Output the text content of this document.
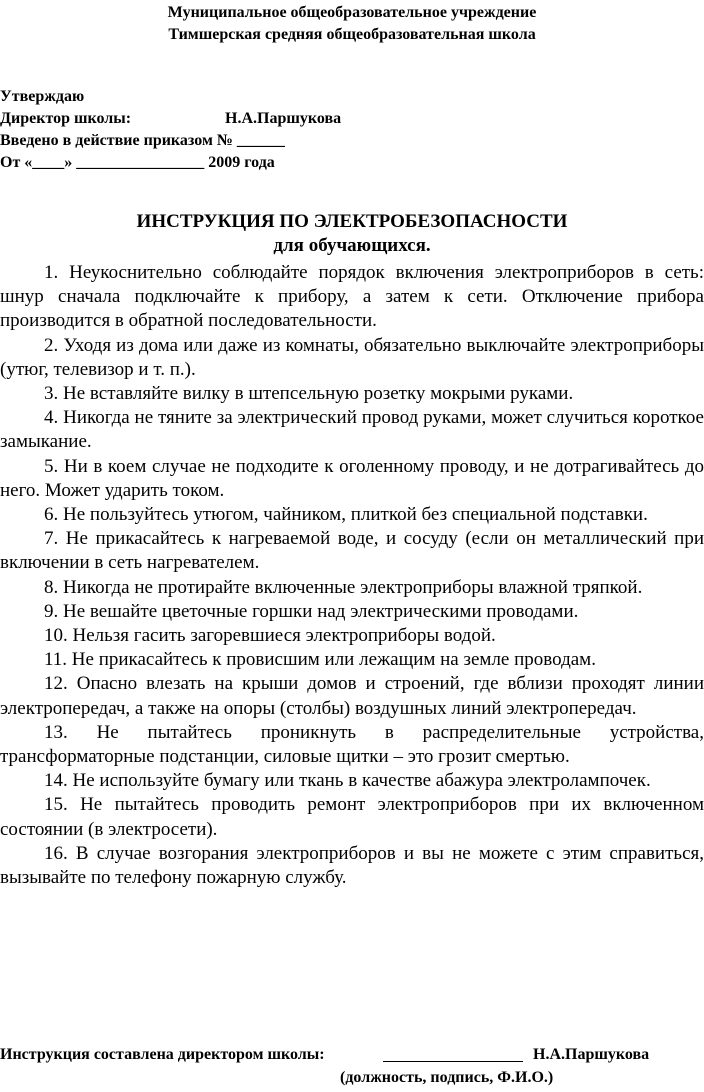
Муниципальное общеобразовательное учреждение
Тимшерская средняя общеобразовательная школа
Утверждаю
Директор школы:	Н.А.Паршукова
Введено в действие приказом № ______
От «____» ________________ 2009 года
ИНСТРУКЦИЯ ПО ЭЛЕКТРОБЕЗОПАСНОСТИ
для обучающихся.

1. Неукоснительно соблюдайте порядок включения электроприборов в сеть: шнур сначала подключайте к прибору, а затем к сети. Отключение прибора производится в обратной последовательности.

2. Уходя из дома или даже из комнаты, обязательно выключайте электроприборы (утюг, телевизор и т. п.).

3. Не вставляйте вилку в штепсельную розетку мокрыми руками.

4. Никогда не тяните за электрический провод руками, может случиться короткое замыкание.

5. Ни в коем случае не подходите к оголенному проводу, и не дотрагивайтесь до него. Может ударить током.

6. Не пользуйтесь утюгом, чайником, плиткой без специальной подставки.

7. Не прикасайтесь к нагреваемой воде, и сосуду (если он металлический при включении в сеть нагревателем.

8. Никогда не протирайте включенные электроприборы влажной тряпкой.

9. Не вешайте цветочные горшки над электрическими проводами.

10. Нельзя гасить загоревшиеся электроприборы водой.

11. Не прикасайтесь к провисшим или лежащим на земле проводам.

12. Опасно влезать на крыши домов и строений, где вблизи проходят линии электропередач, а также на опоры (столбы) воздушных линий электропередач.

13. Не пытайтесь проникнуть в распределительные устройства, трансформаторные подстанции, силовые щитки – это грозит смертью.

14. Не используйте бумагу или ткань в качестве абажура электролампочек.

15. Не пытайтесь проводить ремонт электроприборов при их включенном состоянии (в электросети).

16. В случае возгорания электроприборов и вы не можете с этим справиться, вызывайте по телефону пожарную службу.

Инструкция составлена директором школы:	Н.А.Паршукова
(должность, подпись, Ф.И.О.)
